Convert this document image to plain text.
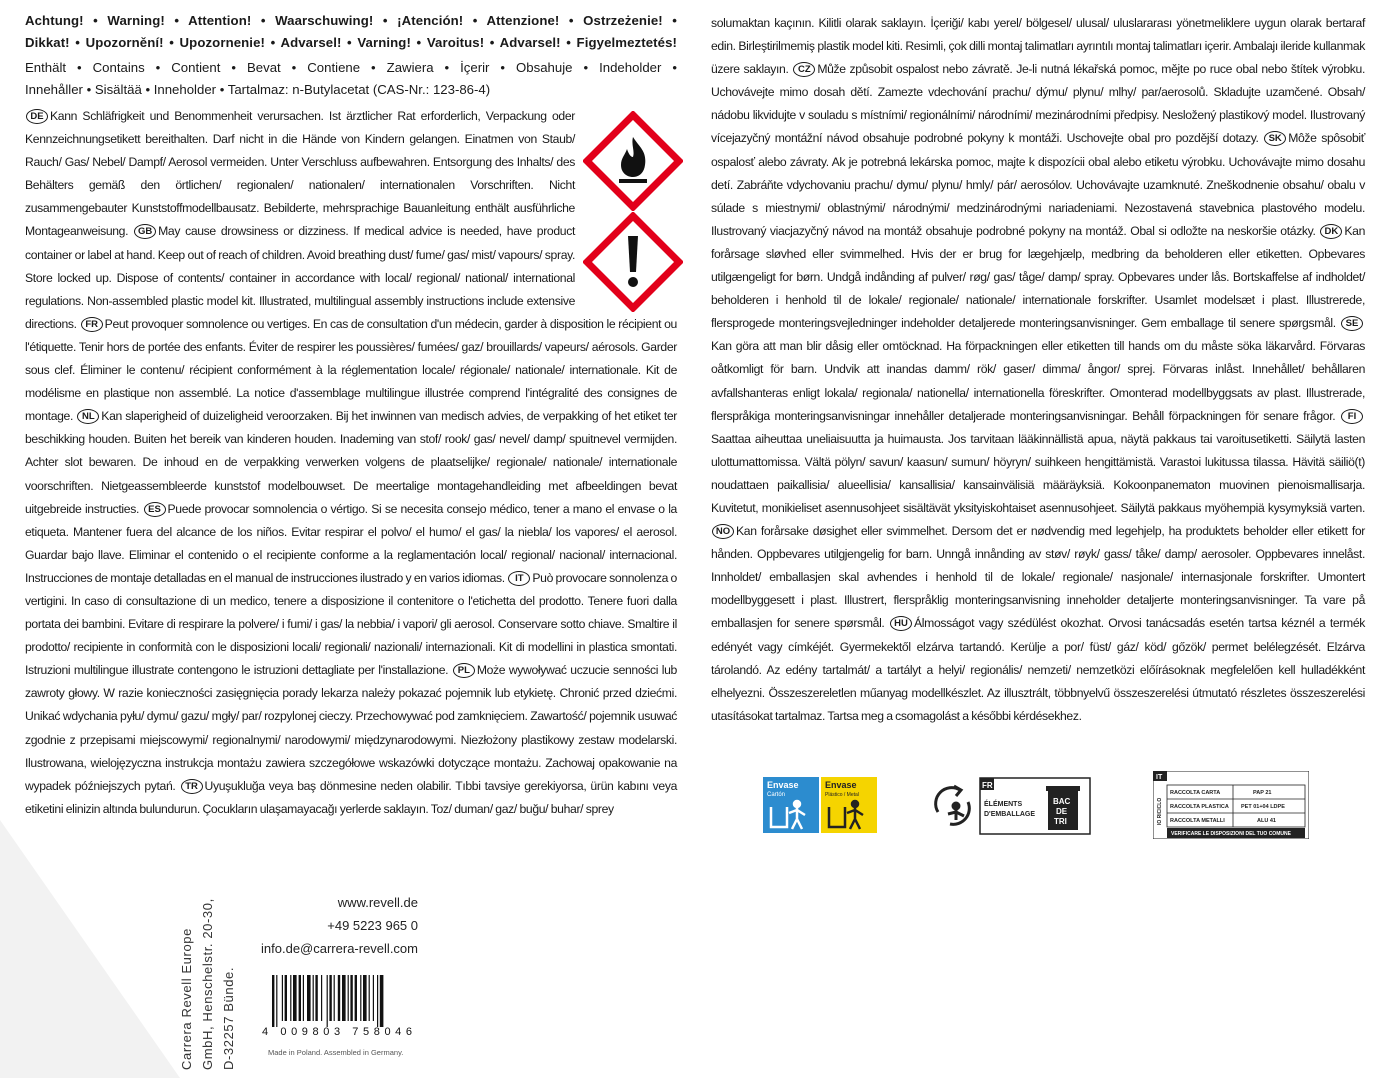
Achtung! • Warning! • Attention! • Waarschuwing! • ¡Atención! • Attenzione! • Ostrzeżenie! •
Dikkat! • Upozornění! • Upozornenie! • Advarsel! • Varning! • Varoitus! • Advarsel! • Figyelmeztetés!
Enthält • Contains • Contient • Bevat • Contiene • Zawiera • İçerir • Obsahuje • Indeholder •
Innehåller • Sisältää • Inneholder • Tartalmaz: n-Butylacetat (CAS-Nr.: 123-86-4)
DE Kann Schläfrigkeit und Benommenheit verursachen. Ist ärztlicher Rat erforderlich, Verpackung oder Kennzeichnungsetikett bereithalten. Darf nicht in die Hände von Kindern gelangen. Einatmen von Staub/ Rauch/ Gas/ Nebel/ Dampf/ Aerosol vermeiden. Unter Verschluss aufbewahren. Entsorgung des Inhalts/ des Behälters gemäß den örtlichen/ regionalen/ nationalen/ internationalen Vorschriften. Nicht zusammengebauter Kunststoffmodellbausatz. Bebilderte, mehrsprachige Bauanleitung enthält ausführliche Montageanweisung. GB May cause drowsiness or dizziness. If medical advice is needed, have product container or label at hand. Keep out of reach of children. Avoid breathing dust/ fume/ gas/ mist/ vapours/ spray. Store locked up. Dispose of contents/ container in accordance with local/ regional/ national/ international regulations. Non-assembled plastic model kit. Illustrated, multilingual assembly instructions include extensive directions. FR Peut provoquer somnolence ou vertiges. En cas de consultation d'un médecin, garder à disposition le récipient ou l'étiquette. Tenir hors de portée des enfants. Éviter de respirer les poussières/ fumées/ gaz/ brouillards/ vapeurs/ aérosols. Garder sous clef. Éliminer le contenu/ récipient conformément à la réglementation locale/ régionale/ nationale/ internationale. Kit de modélisme en plastique non assemblé. La notice d'assemblage multilingue illustrée comprend l'intégralité des consignes de montage. NL Kan slaperigheid of duizeligheid veroorzaken. Bij het inwinnen van medisch advies, de verpakking of het etiket ter beschikking houden. Buiten het bereik van kinderen houden. Inademing van stof/ rook/ gas/ nevel/ damp/ spuitnevel vermijden. Achter slot bewaren. De inhoud en de verpakking verwerken volgens de plaatselijke/ regionale/ nationale/ internationale voorschriften. Nietgeassembleerde kunststof modelbouwset. De meertalige montagehandleiding met afbeeldingen bevat uitgebreide instructies. ES Puede provocar somnolencia o vértigo. Si se necesita consejo médico, tener a mano el envase o la etiqueta. Mantener fuera del alcance de los niños. Evitar respirar el polvo/ el humo/ el gas/ la niebla/ los vapores/ el aerosol. Guardar bajo llave. Eliminar el contenido o el recipiente conforme a la reglamentación local/ regional/ nacional/ internacional. Instrucciones de montaje detalladas en el manual de instrucciones ilustrado y en varios idiomas. IT Può provocare sonnolenza o vertigini. In caso di consultazione di un medico, tenere a disposizione il contenitore o l'etichetta del prodotto. Tenere fuori dalla portata dei bambini. Evitare di respirare la polvere/ i fumi/ i gas/ la nebbia/ i vapori/ gli aerosol. Conservare sotto chiave. Smaltire il prodotto/ recipiente in conformità con le disposizioni locali/ regionali/ nazionali/ internazionali. Kit di modellini in plastica smontati. Istruzioni multilingue illustrate contengono le istruzioni dettagliate per l'installazione. PL Może wywoływać uczucie senności lub zawroty głowy. W razie konieczności zasięgnięcia porady lekarza należy pokazać pojemnik lub etykietę. Chronić przed dziećmi. Unikać wdychania pyłu/ dymu/ gazu/ mgły/ par/ rozpylonej cieczy. Przechowywać pod zamknięciem. Zawartość/ pojemnik usuwać zgodnie z przepisami miejscowymi/ regionalnymi/ narodowymi/ międzynarodowymi. Niezłożony plastikowy zestaw modelarski. Ilustrowana, wielojęzyczna instrukcja montażu zawiera szczegółowe wskazówki dotyczące montażu. Zachowaj opakowanie na wypadek późniejszych pytań. TR Uyuşukluğa veya baş dönmesine neden olabilir. Tıbbi tavsiye gerekiyorsa, ürün kabını veya etiketini elinizin altında bulundurun. Çocukların ulaşamayacağı yerlerde saklayın. Toz/ duman/ gaz/ buğu/ buhar/ sprey
solumaktan kaçının. Kilitli olarak saklayın. İçeriği/ kabı yerel/ bölgesel/ ulusal/ uluslararası yönetmeliklere uygun olarak bertaraf edin. Birleştirilmemiş plastik model kiti. Resimli, çok dilli montaj talimatları ayrıntılı montaj talimatları içerir. Ambalajı ileride kullanmak üzere saklayın. CZ Může způsobit ospalost nebo závratě. Je-li nutná lékařská pomoc, mějte po ruce obal nebo štítek výrobku. Uchovávejte mimo dosah dětí. Zamezte vdechování prachu/ dýmu/ plynu/ mlhy/ par/aerosolů. Skladujte uzamčené. Obsah/ nádobu likvidujte v souladu s místními/ regionálními/ národními/ mezinárodními předpisy. Nesložený plastikový model. Ilustrovaný vícejazyčný montážní návod obsahuje podrobné pokyny k montáži. Uschovejte obal pro pozdější dotazy. SK Môže spôsobiť ospalosť alebo závraty. Ak je potrebná lekárska pomoc, majte k dispozícii obal alebo etiketu výrobku. Uchovávajte mimo dosahu detí. Zabráňte vdychovaniu prachu/ dymu/ plynu/ hmly/ pár/ aerosólov. Uchovávajte uzamknuté. Zneškodnenie obsahu/ obalu v súlade s miestnymi/ oblastnými/ národnými/ medzinárodnými nariadeniami. Nezostavená stavebnica plastového modelu. Ilustrovaný viacjazyčný návod na montáž obsahuje podrobné pokyny na montáž. Obal si odložte na neskoršie otázky. DK Kan forårsage sløvhed eller svimmelhed. Hvis der er brug for lægehjælp, medbring da beholderen eller etiketten. Opbevares utilgængeligt for børn. Undgå indånding af pulver/ røg/ gas/ tåge/ damp/ spray. Opbevares under lås. Bortskaffelse af indholdet/ beholderen i henhold til de lokale/ regionale/ nationale/ internationale forskrifter. Usamlet modelsæt i plast. Illustrerede, flersprogede monteringsvejledninger indeholder detaljerede monteringsanvisninger. Gem emballage til senere spørgsmål. SEKan göra att man blir dåsig eller omtöcknad. Ha förpackningen eller etiketten till hands om du måste söka läkarvård. Förvaras oåtkomligt för barn. Undvik att inandas damm/ rök/ gaser/ dimma/ ångor/ sprej. Förvaras inlåst. Innehållet/ behållaren avfallshanteras enligt lokala/ regionala/ nationella/ internationella föreskrifter. Omonterad modellbyggsats av plast. Illustrerade, flerspråkiga monteringsanvisningar innehåller detaljerade monteringsanvisningar. Behåll förpackningen för senare frågor. FISaattaa aiheuttaa uneliaisuutta ja huimausta. Jos tarvitaan lääkinnällistä apua, näytä pakkaus tai varoitusetiketti. Säilytä lasten ulottumattomissa. Vältä pölyn/ savun/ kaasun/ sumun/ höyryn/ suihkeen hengittämistä. Varastoi lukitussa tilassa. Hävitä säiliö(t) noudattaen paikallisia/ alueellisia/ kansallisia/ kansainvälisiä määräyksiä. Kokoonpanematon muovinen pienoismallisarja. Kuvitetut, monikieliset asennusohjeet sisältävät yksityiskohtaiset asennusohjeet. Säilytä pakkaus myöhempiä kysymyksiä varten. NO Kan forårsake døsighet eller svimmelhet. Dersom det er nødvendig med legehjelp, ha produktets beholder eller etikett for hånden. Oppbevares utilgjengelig for barn. Unngå innånding av støv/ røyk/ gass/ tåke/ damp/ aerosoler. Oppbevares innelåst. Innholdet/ emballasjen skal avhendes i henhold til de lokale/ regionale/ nasjonale/ internasjonale forskrifter. Umontert modellbyggesett i plast. Illustrert, flerspråklig monteringsanvisning inneholder detaljerte monteringsanvisninger. Ta vare på emballasjen for senere spørsmål. HU Álmosságot vagy szédülést okozhat. Orvosi tanácsadás esetén tartsa kéznél a termék edényét vagy címkéjét. Gyermekektől elzárva tartandó. Kerülje a por/ füst/ gáz/ köd/ gőzök/ permet belélegzését. Elzárva tárolandó. Az edény tartalmát/ a tartályt a helyi/ regionális/ nemzeti/ nemzetközi előírásoknak megfelelően kell hulladékként elhelyezni. Összeszereletlen műanyag modellkészlet. Az illusztrált, többnyelvű összeszerelési útmutató részletes összeszerelési utasításokat tartalmaz. Tartsa meg a csomagolást a későbbi kérdésekhez.
Envase
Cartón
Envase
Plástico / Metal
FR
ÉLÉMENTS
D'EMBALLAGE
BAC
DE
TRI
IT
IO RICICLO
RACCOLTA CARTA	PAP 21
RACCOLTA PLASTICA PET 01+04 LDPE
RACCOLTA METALLI	ALU 41
VERIFICARE LE DISPOSIZIONI DEL TUO COMUNE
Carrera Revell Europe GmbH, Henschelstr. 20-30, D-32257 Bünde.
www.revell.de
+49 5223 965 0
info.de@carrera-revell.com
4 009803 758046
Made in Poland. Assembled in Germany.
